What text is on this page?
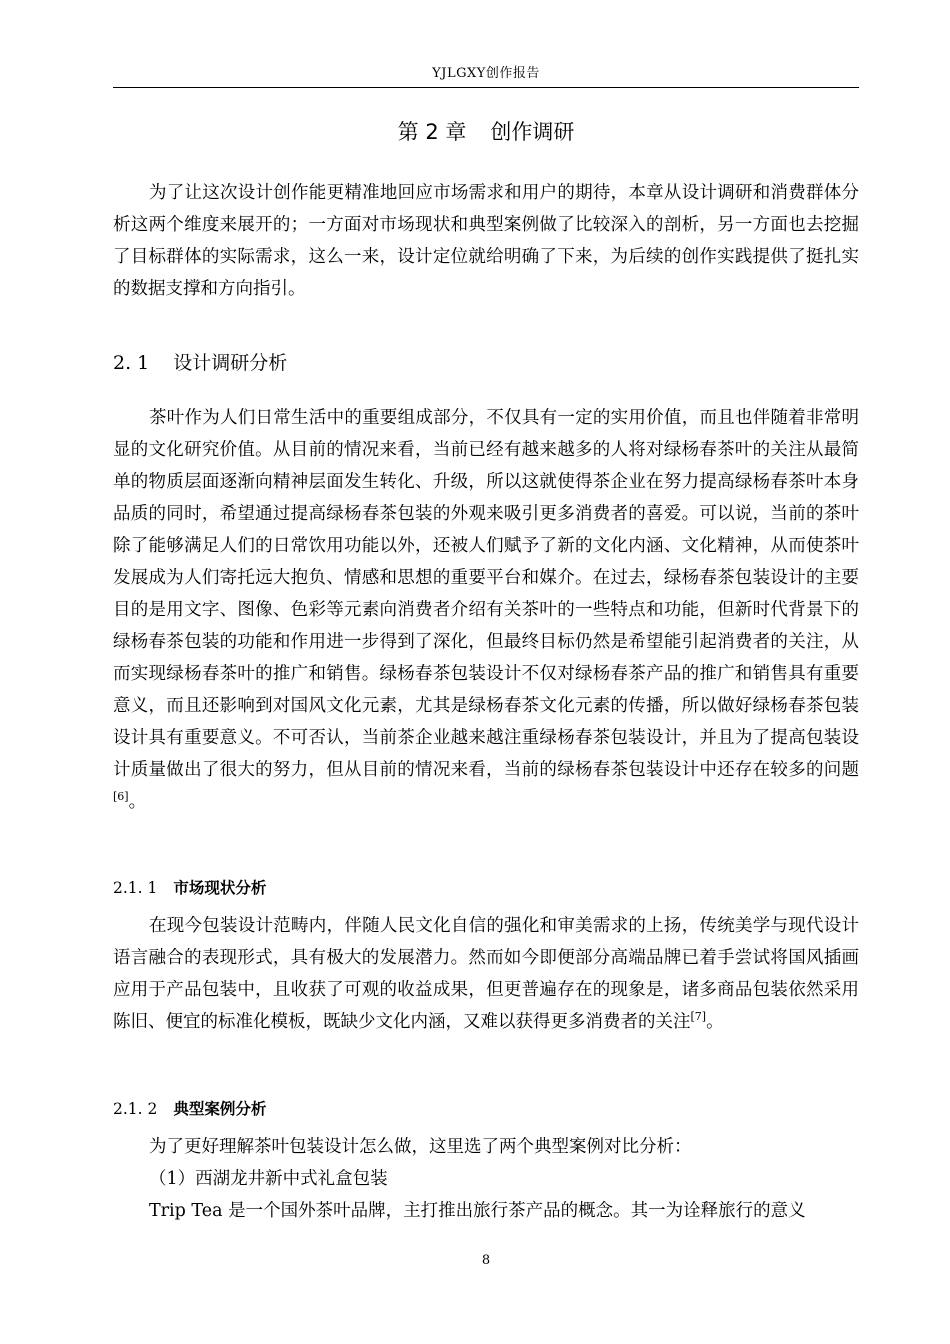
YJLGXY创作报告
第 2 章 创作调研

为了让这次设计创作能更精准地回应市场需求和用户的期待，本章从设计调研和消费群体分析这两个维度来展开的；一方面对市场现状和典型案例做了比较深入的剖析，另一方面也去挖掘了目标群体的实际需求，这么一来，设计定位就给明确了下来，为后续的创作实践提供了挺扎实的数据支撑和方向指引。

2. 1 设计调研分析

茶叶作为人们日常生活中的重要组成部分，不仅具有一定的实用价值，而且也伴随着非常明显的文化研究价值。从目前的情况来看，当前已经有越来越多的人将对绿杨春茶叶的关注从最简单的物质层面逐渐向精神层面发生转化、升级，所以这就使得茶企业在努力提高绿杨春茶叶本身品质的同时，希望通过提高绿杨春茶包装的外观来吸引更多消费者的喜爱。可以说，当前的茶叶除了能够满足人们的日常饮用功能以外，还被人们赋予了新的文化内涵、文化精神，从而使茶叶发展成为人们寄托远大抱负、情感和思想的重要平台和媒介。在过去，绿杨春茶包装设计的主要目的是用文字、图像、色彩等元素向消费者介绍有关茶叶的一些特点和功能，但新时代背景下的绿杨春茶包装的功能和作用进一步得到了深化，但最终目标仍然是希望能引起消费者的关注，从而实现绿杨春茶叶的推广和销售。绿杨春茶包装设计不仅对绿杨春茶产品的推广和销售具有重要意义，而且还影响到对国风文化元素，尤其是绿杨春茶文化元素的传播，所以做好绿杨春茶包装设计具有重要意义。不可否认，当前茶企业越来越注重绿杨春茶包装设计，并且为了提高包装设计质量做出了很大的努力，但从目前的情况来看，当前的绿杨春茶包装设计中还存在较多的问题[6]。

2.1. 1 市场现状分析

在现今包装设计范畴内，伴随人民文化自信的强化和审美需求的上扬，传统美学与现代设计语言融合的表现形式，具有极大的发展潜力。然而如今即便部分高端品牌已着手尝试将国风插画应用于产品包装中，且收获了可观的收益成果，但更普遍存在的现象是，诸多商品包装依然采用陈旧、便宜的标准化模板，既缺少文化内涵，又难以获得更多消费者的关注[7]。

2.1. 2 典型案例分析

为了更好理解茶叶包装设计怎么做，这里选了两个典型案例对比分析：

（1）西湖龙井新中式礼盒包装

Trip Tea 是一个国外茶叶品牌，主打推出旅行茶产品的概念。其一为诠释旅行的意义

8
